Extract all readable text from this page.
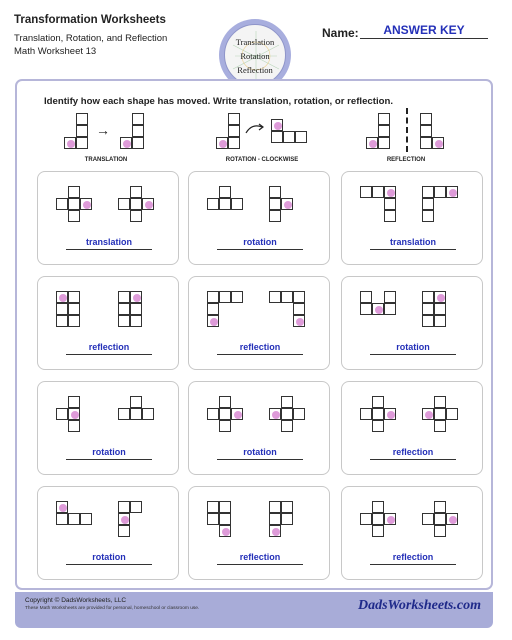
Transformation Worksheets
Translation, Rotation, and Reflection
Math Worksheet 13
Translation
Rotation
Reflection
Name:	ANSWER KEY
Identify how each shape has moved. Write translation, rotation, or reflection.
→
TRANSLATION	ROTATION - CLOCKWISE	REFLECTION
translation	rotation	translation
reflection	reflection	rotation
rotation	rotation	reflection
rotation	reflection	reflection
Copyright © DadsWorksheets, LLC
These Math Worksheets are provided for personal, homeschool or classroom use.	DadsWorksheets.com
